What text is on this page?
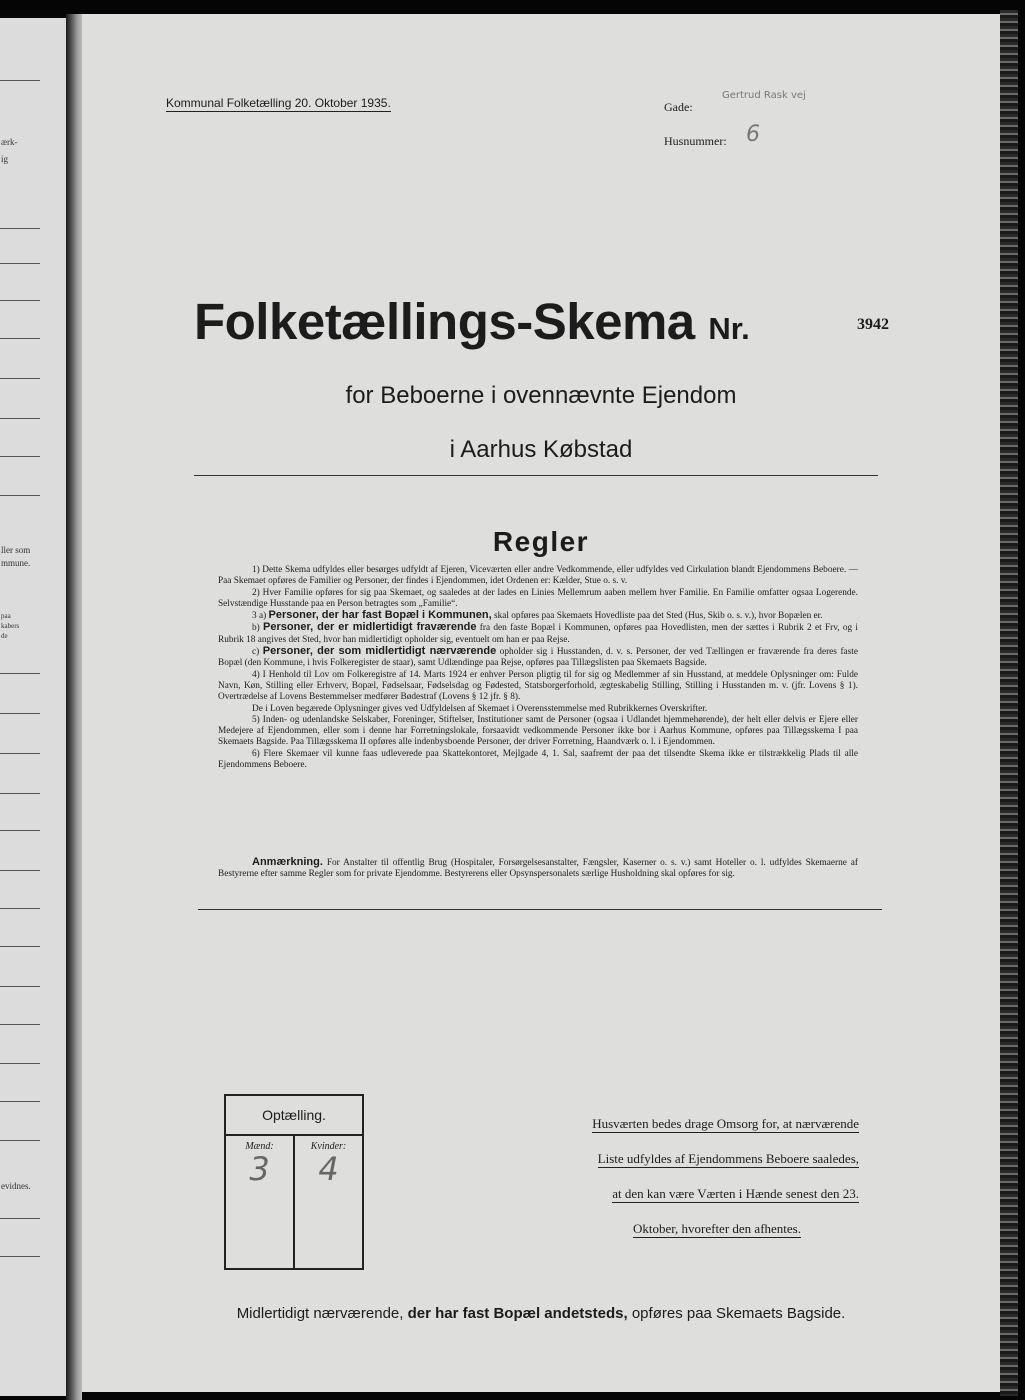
ærk-
ig
ller som
mmune.
paa
kabers
de
evidnes.
Kommunal Folketælling 20. Oktober 1935.	Gade:
Gertrud Rask vej
Husnummer: 6
Folketællings-Skema Nr.	3942
for Beboerne i ovennævnte Ejendom
i Aarhus Købstad
Regler

1) Dette Skema udfyldes eller besørges udfyldt af Ejeren, Viceværten eller andre Vedkommende, eller udfyldes ved Cirkulation blandt Ejendommens Beboere. — Paa Skemaet opføres de Familier og Personer, der findes i Ejendommen, idet Ordenen er: Kælder, Stue o. s. v.

2) Hver Familie opføres for sig paa Skemaet, og saaledes at der lades en Linies Mellemrum aaben mellem hver Familie. En Familie omfatter ogsaa Logerende. Selvstændige Husstande paa en Person betragtes som „Familie“.

3 a) Personer, der har fast Bopæl i Kommunen, skal opføres paa Skemaets Hovedliste paa det Sted (Hus, Skib o. s. v.), hvor Bopælen er.

b) Personer, der er midlertidigt fraværende fra den faste Bopæl i Kommunen, opføres paa Hovedlisten, men der sættes i Rubrik 2 et Frv, og i Rubrik 18 angives det Sted, hvor han midlertidigt opholder sig, eventuelt om han er paa Rejse.

c) Personer, der som midlertidigt nærværende opholder sig i Husstanden, d. v. s. Personer, der ved Tællingen er fraværende fra deres faste Bopæl (den Kommune, i hvis Folkeregister de staar), samt Udlændinge paa Rejse, opføres paa Tillægslisten paa Skemaets Bagside.

4) I Henhold til Lov om Folkeregistre af 14. Marts 1924 er enhver Person pligtig til for sig og Medlemmer af sin Husstand, at meddele Oplysninger om: Fulde Navn, Køn, Stilling eller Erhverv, Bopæl, Fødselsaar, Fødselsdag og Fødested, Statsborgerforhold, ægteskabelig Stilling, Stilling i Husstanden m. v. (jfr. Lovens § 1). Overtrædelse af Lovens Bestemmelser medfører Bødestraf (Lovens § 12 jfr. § 8).

De i Loven begærede Oplysninger gives ved Udfyldelsen af Skemaet i Overensstemmelse med Rubrikkernes Overskrifter.

5) Inden- og udenlandske Selskaber, Foreninger, Stiftelser, Institutioner samt de Personer (ogsaa i Udlandet hjemmehørende), der helt eller delvis er Ejere eller Medejere af Ejendommen, eller som i denne har Forretningslokale, forsaavidt vedkommende Personer ikke bor i Aarhus Kommune, opføres paa Tillægsskema I paa Skemaets Bagside. Paa Tillægsskema II opføres alle indenbysboende Personer, der driver Forretning, Haandværk o. l. i Ejendommen.

6) Flere Skemaer vil kunne faas udleverede paa Skattekontoret, Mejlgade 4, 1. Sal, saafremt der paa det tilsendte Skema ikke er tilstrækkelig Plads til alle Ejendommens Beboere.

Anmærkning. For Anstalter til offentlig Brug (Hospitaler, Forsørgelsesanstalter, Fængsler, Kaserner o. s. v.) samt Hoteller o. l. udfyldes Skemaerne af Bestyrerne efter samme Regler som for private Ejendomme. Bestyrerens eller Opsynspersonalets særlige Husholdning skal opføres for sig.

Optælling.
Mænd:
3
Kvinder:
4
Husværten bedes drage Omsorg for, at nærværende
Liste udfyldes af Ejendommens Beboere saaledes,
at den kan være Værten i Hænde senest den 23.
Oktober, hvorefter den afhentes.
Midlertidigt nærværende, der har fast Bopæl andetsteds, opføres paa Skemaets Bagside.
